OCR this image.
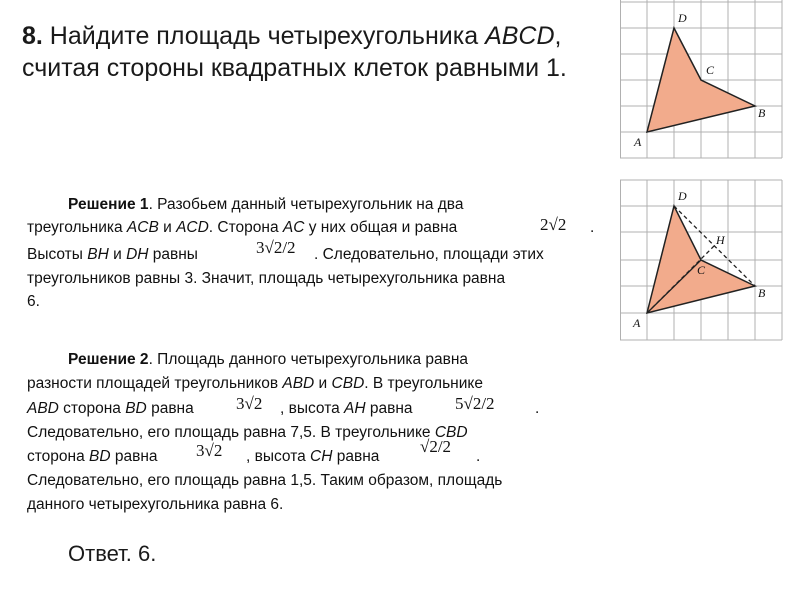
8. Найдите площадь четырехугольника ABCD,
считая стороны квадратных клеток равными 1.
A
B
C
D
A
B
C
D
H
Решение 1. Разобьем данный четырехугольник на два
треугольника ACB и ACD. Сторона AC у них общая и равна	2√2 .
Высоты BH и DH равны	3√2/2 . Следовательно, площади этих
треугольников равны 3. Значит, площадь четырехугольника равна
6.
Решение 2. Площадь данного четырехугольника равна
разности площадей треугольников ABD и CBD. В треугольнике
ABD сторона BD равна 3√2 , высота AH равна 5√2/2	.
Следовательно, его площадь равна 7,5. В треугольнике CBD
сторона BD равна 3√2 , высота CH равна
√2/2
.
Следовательно, его площадь равна 1,5. Таким образом, площадь
данного четырехугольника равна 6.
Ответ. 6.
